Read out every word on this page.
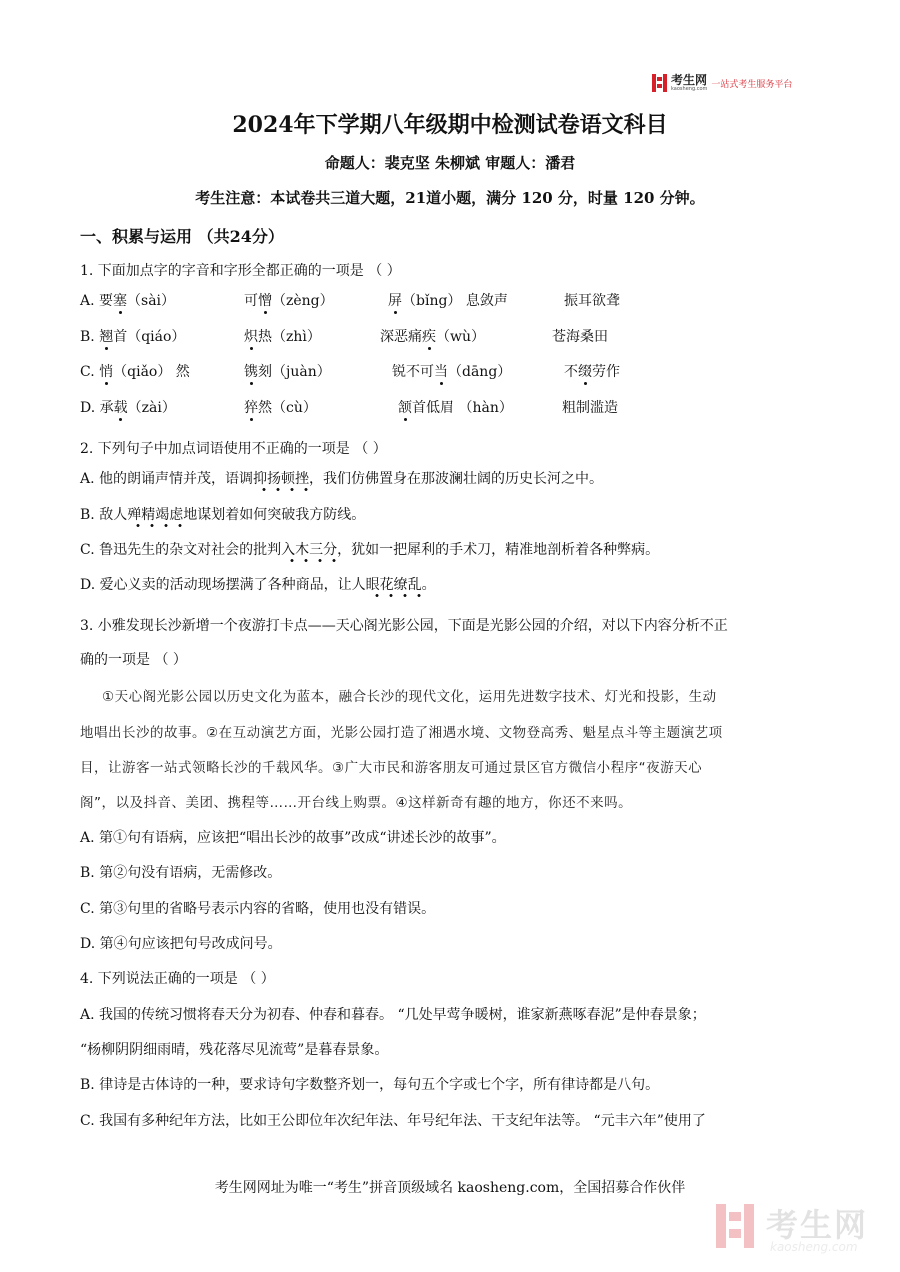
考生网
kaosheng.com 一站式考生服务平台
2024年下学期八年级期中检测试卷语文科目
命题人：裴克坚 朱柳斌 审题人：潘君
考生注意：本试卷共三道大题，21道小题，满分 120 分，时量 120 分钟。
一、积累与运用 （共24分）
1. 下面加点字的字音和字形全都正确的一项是 （ ）
A. 要塞（sài）	可憎（zèng）	屏（bǐng） 息敛声	振耳欲聋
B. 翘首（qiáo）	炽热（zhì）	深恶痛疾（wù）	苍海桑田
C. 悄（qiǎo） 然	镌刻（juàn）	锐不可当（dāng）	不缀劳作
D. 承载（zài）	猝然（cù）	颔首低眉 （hàn）	粗制滥造
2. 下列句子中加点词语使用不正确的一项是 （ ）
A. 他的朗诵声情并茂，语调抑扬顿挫，我们仿佛置身在那波澜壮阔的历史长河之中。
B. 敌人殚精竭虑地谋划着如何突破我方防线。
C. 鲁迅先生的杂文对社会的批判入木三分，犹如一把犀利的手术刀，精准地剖析着各种弊病。
D. 爱心义卖的活动现场摆满了各种商品，让人眼花缭乱。
3. 小雅发现长沙新增一个夜游打卡点——天心阁光影公园，下面是光影公园的介绍，对以下内容分析不正
确的一项是 （ ）
①天心阁光影公园以历史文化为蓝本，融合长沙的现代文化，运用先进数字技术、灯光和投影，生动
地唱出长沙的故事。②在互动演艺方面，光影公园打造了湘遇水境、文物登高秀、魁星点斗等主题演艺项
目，让游客一站式领略长沙的千载风华。③广大市民和游客朋友可通过景区官方微信小程序“夜游天心
阁”，以及抖音、美团、携程等……开台线上购票。④这样新奇有趣的地方，你还不来吗。
A. 第①句有语病，应该把“唱出长沙的故事”改成“讲述长沙的故事”。
B. 第②句没有语病，无需修改。
C. 第③句里的省略号表示内容的省略，使用也没有错误。
D. 第④句应该把句号改成问号。
4. 下列说法正确的一项是 （ ）
A. 我国的传统习惯将春天分为初春、仲春和暮春。 “几处早莺争暖树，谁家新燕啄春泥”是仲春景象；
“杨柳阴阴细雨晴，残花落尽见流莺”是暮春景象。
B. 律诗是古体诗的一种，要求诗句字数整齐划一，每句五个字或七个字，所有律诗都是八句。
C. 我国有多种纪年方法，比如王公即位年次纪年法、年号纪年法、干支纪年法等。 “元丰六年”使用了
考生网网址为唯一“考生”拼音顶级域名 kaosheng.com，全国招募合作伙伴
考生网
kaosheng.com
